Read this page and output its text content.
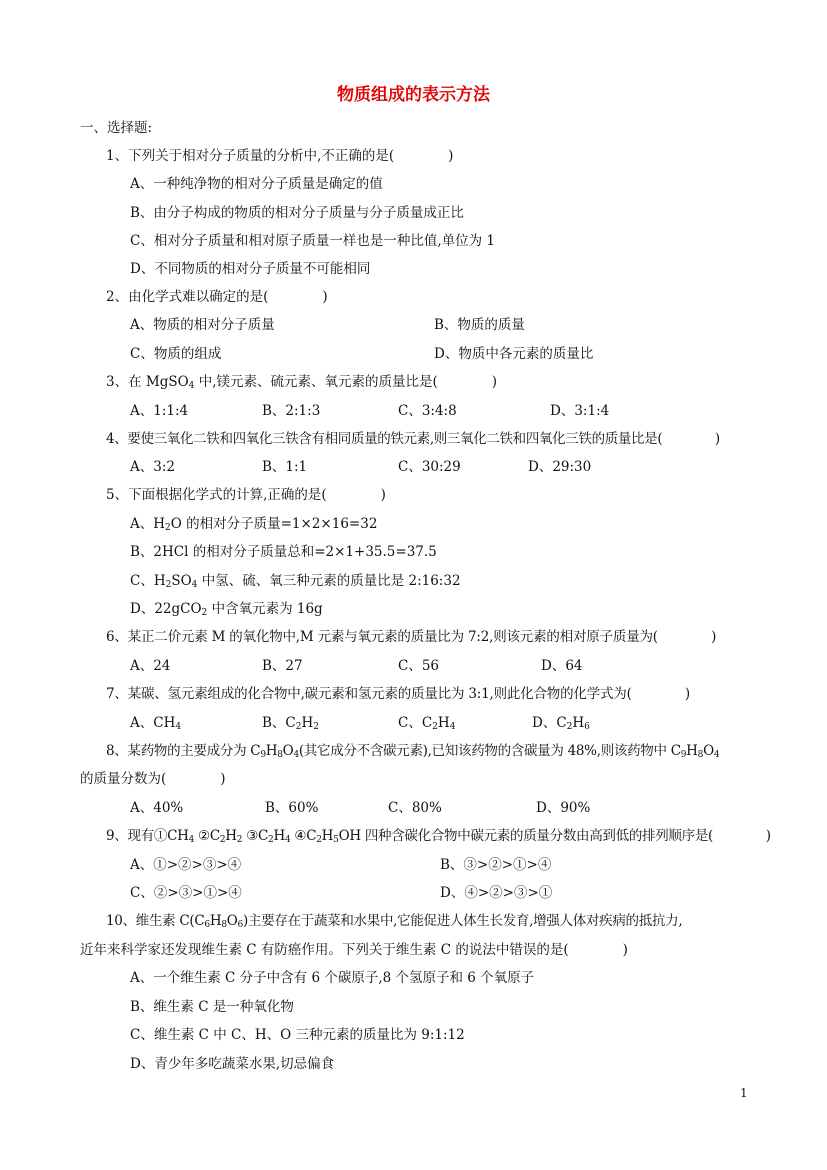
物质组成的表示方法
一、选择题:
1、下列关于相对分子质量的分析中,不正确的是(　　　　)
A、一种纯净物的相对分子质量是确定的值
B、由分子构成的物质的相对分子质量与分子质量成正比
C、相对分子质量和相对原子质量一样也是一种比值,单位为 1
D、不同物质的相对分子质量不可能相同
2、由化学式难以确定的是(　　　　)
A、物质的相对分子质量	B、物质的质量
C、物质的组成	D、物质中各元素的质量比
3、在 MgSO$_4$ 中,镁元素、硫元素、氧元素的质量比是(　　　　)
A、1:1:4	B、2:1:3	C、3:4:8	D、3:1:4
4、要使三氧化二铁和四氧化三铁含有相同质量的铁元素,则三氧化二铁和四氧化三铁的质量比是(　　　　)
A、3:2	B、1:1	C、30:29	D、29:30
5、下面根据化学式的计算,正确的是(　　　　)
A、$H_2O$ 的相对分子质量=1×2×16=32
B、2HCl 的相对分子质量总和=2×1+35.5=37.5
C、$H_2SO_4$ 中氢、硫、氧三种元素的质量比是 2:16:32
D、22gCO$_2$ 中含氧元素为 16g
6、某正二价元素 M 的氧化物中,M 元素与氧元素的质量比为 7:2,则该元素的相对原子质量为(　　　　)
A、24	B、27	C、56	D、64
7、某碳、氢元素组成的化合物中,碳元素和氢元素的质量比为 3:1,则此化合物的化学式为(　　　　)
A、$CH_4$	B、$C_2H_2$	C、$C_2H_4$	D、$C_2H_6$
8、某药物的主要成分为 $C_9H_8O_4$(其它成分不含碳元素),已知该药物的含碳量为 48%,则该药物中 $C_9H_8O_4$
的质量分数为(　　　　)
A、40%	B、60%	C、80%	D、90%
9、现有$①CH_4$ $②C_2H_2$ $③C_2H_4$ $④C_2H_5OH$ 四种含碳化合物中碳元素的质量分数由高到低的排列顺序是(　　　　)
A、①>②>③>④	B、③>②>①>④
C、②>③>①>④	D、④>②>③>①
10、维生素 $C(C_6H_8O_6)$主要存在于蔬菜和水果中,它能促进人体生长发育,增强人体对疾病的抵抗力,
近年来科学家还发现维生素 C 有防癌作用。下列关于维生素 C 的说法中错误的是(　　　　)
A、一个维生素 C 分子中含有 6 个碳原子,8 个氢原子和 6 个氧原子
B、维生素 C 是一种氧化物
C、维生素 C 中 C、H、O 三种元素的质量比为 9:1:12
D、青少年多吃蔬菜水果,切忌偏食
1
